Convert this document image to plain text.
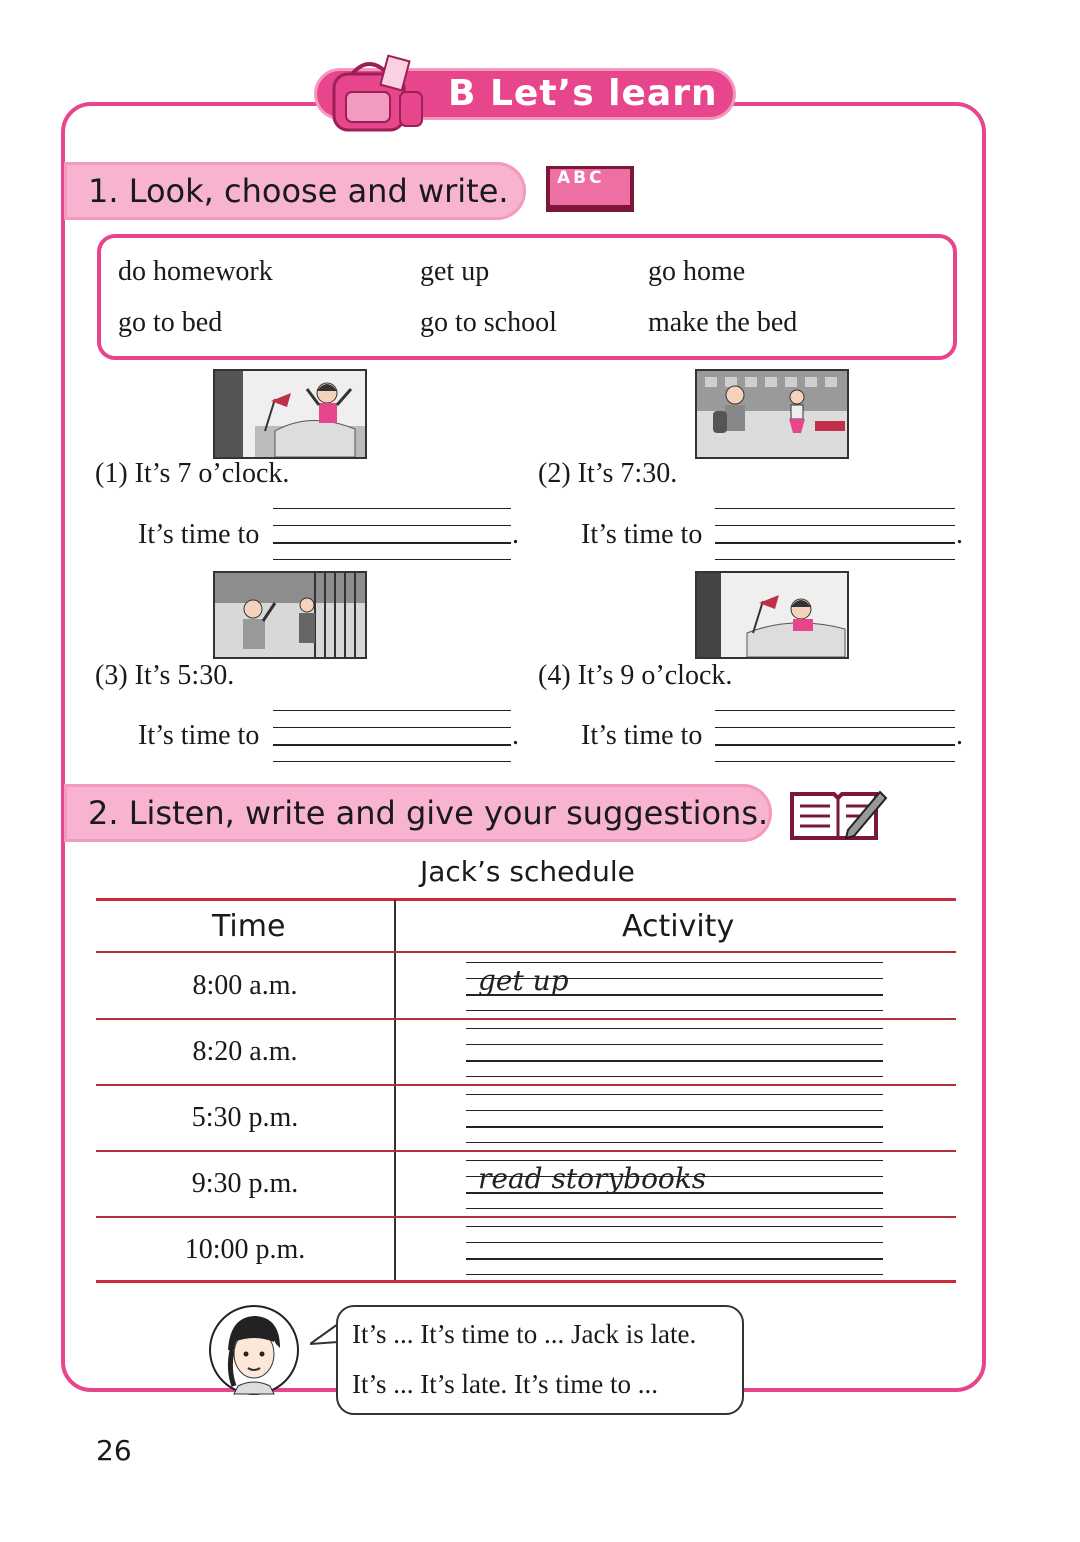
B Let’s learn
1. Look, choose and write.	ABC
do homework	get up	go home
go to bed	go to school	make the bed
(1) It’s 7 o’clock.	(2) It’s 7:30.
It’s time to	. It’s time to	.
(3) It’s 5:30.	(4) It’s 9 o’clock.
It’s time to	. It’s time to	.
2. Listen, write and give your suggestions.
Jack’s schedule
Time	Activity
8:00 a.m.	get up
8:20 a.m.
5:30 p.m.
9:30 p.m.	read storybooks
10:00 p.m.
It’s ... It’s time to ... Jack is late.
It’s ... It’s late. It’s time to ...
26
